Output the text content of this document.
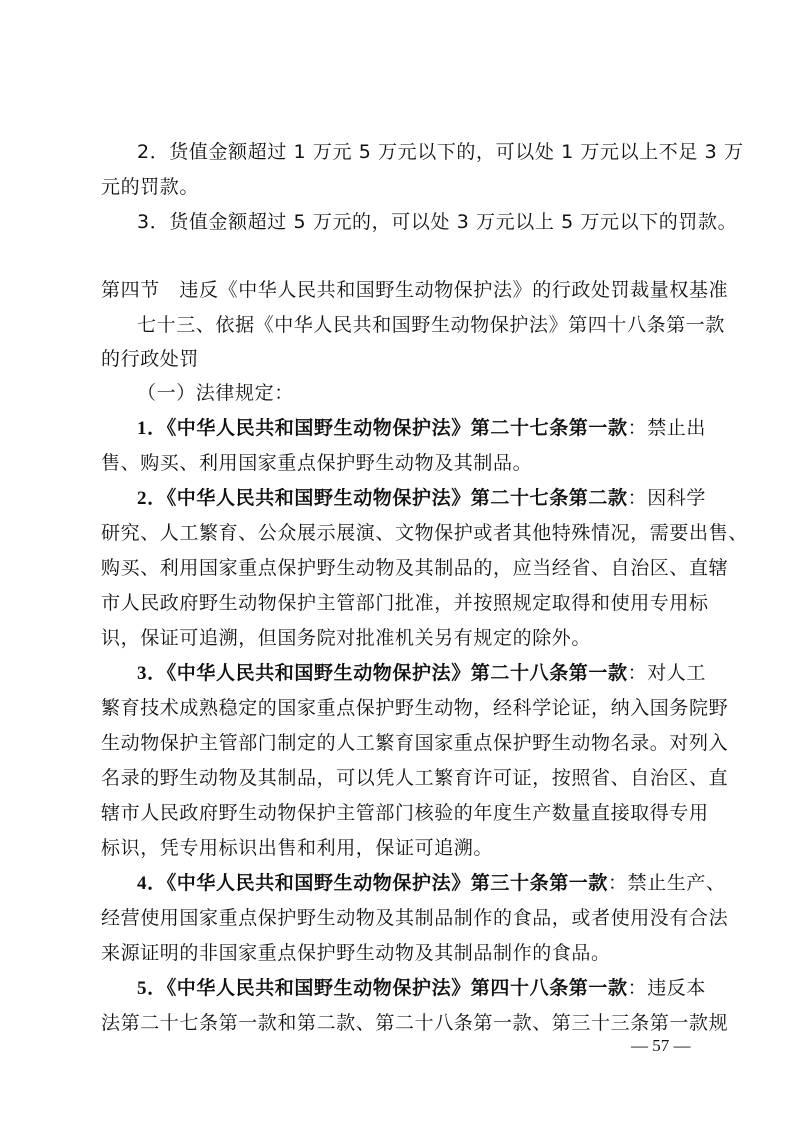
2．货值金额超过 1 万元 5 万元以下的，可以处 1 万元以上不足 3 万
元的罚款。
3．货值金额超过 5 万元的，可以处 3 万元以上 5 万元以下的罚款。
第四节　违反《中华人民共和国野生动物保护法》的行政处罚裁量权基准
七十三、依据《中华人民共和国野生动物保护法》第四十八条第一款
的行政处罚
（一）法律规定：
1．《中华人民共和国野生动物保护法》第二十七条第一款：禁止出
售、购买、利用国家重点保护野生动物及其制品。
2．《中华人民共和国野生动物保护法》第二十七条第二款：因科学
研究、人工繁育、公众展示展演、文物保护或者其他特殊情况，需要出售、
购买、利用国家重点保护野生动物及其制品的，应当经省、自治区、直辖
市人民政府野生动物保护主管部门批准，并按照规定取得和使用专用标
识，保证可追溯，但国务院对批准机关另有规定的除外。
3．《中华人民共和国野生动物保护法》第二十八条第一款：对人工
繁育技术成熟稳定的国家重点保护野生动物，经科学论证，纳入国务院野
生动物保护主管部门制定的人工繁育国家重点保护野生动物名录。对列入
名录的野生动物及其制品，可以凭人工繁育许可证，按照省、自治区、直
辖市人民政府野生动物保护主管部门核验的年度生产数量直接取得专用
标识，凭专用标识出售和利用，保证可追溯。
4．《中华人民共和国野生动物保护法》第三十条第一款：禁止生产、
经营使用国家重点保护野生动物及其制品制作的食品，或者使用没有合法
来源证明的非国家重点保护野生动物及其制品制作的食品。
5．《中华人民共和国野生动物保护法》第四十八条第一款：违反本
法第二十七条第一款和第二款、第二十八条第一款、第三十三条第一款规
— 57 —
